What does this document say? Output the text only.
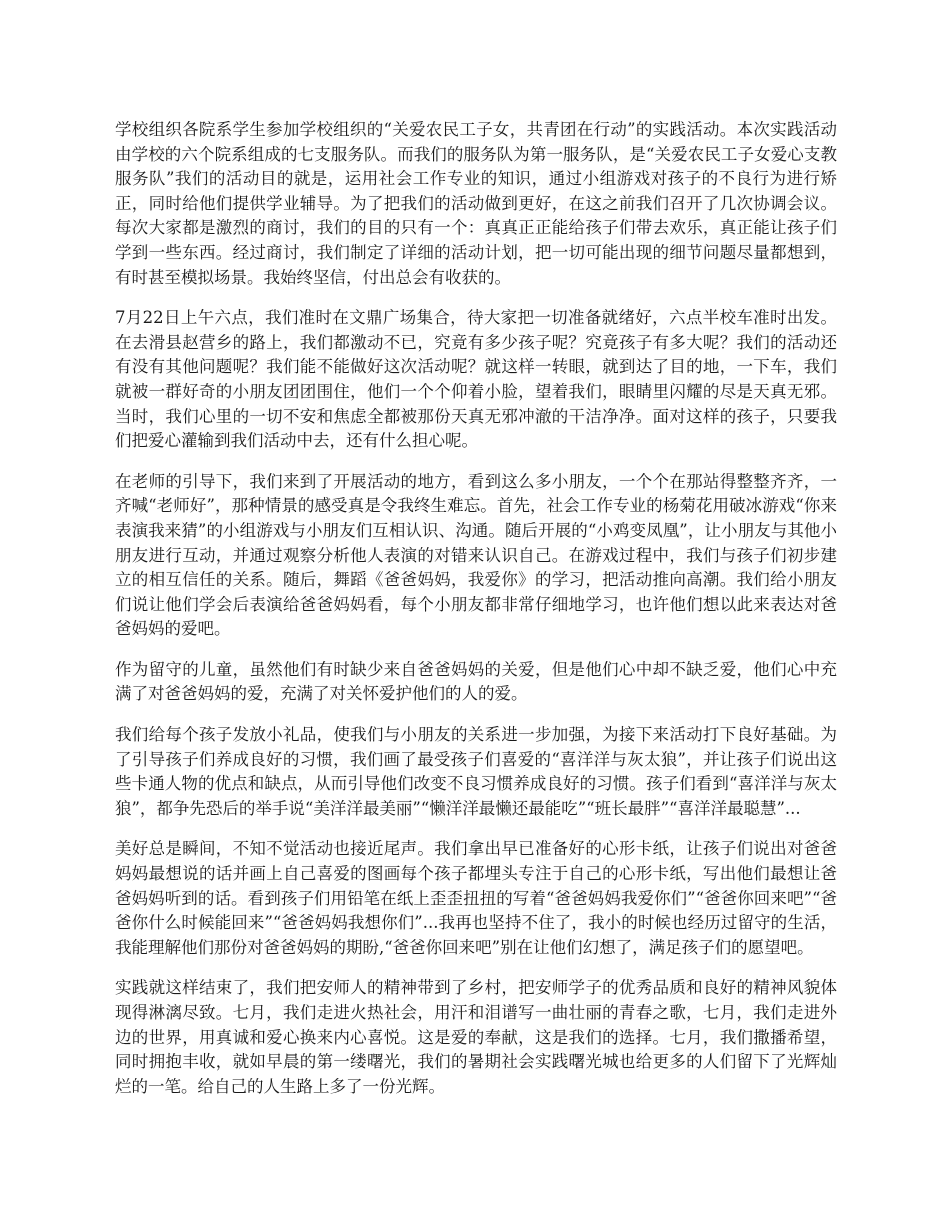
学校组织各院系学生参加学校组织的“关爱农民工子女，共青团在行动”的实践活动。本次实践活动由学校的六个院系组成的七支服务队。而我们的服务队为第一服务队，是“关爱农民工子女爱心支教服务队”我们的活动目的就是，运用社会工作专业的知识，通过小组游戏对孩子的不良行为进行矫正，同时给他们提供学业辅导。为了把我们的活动做到更好，在这之前我们召开了几次协调会议。每次大家都是激烈的商讨，我们的目的只有一个：真真正正能给孩子们带去欢乐，真正能让孩子们学到一些东西。经过商讨，我们制定了详细的活动计划，把一切可能出现的细节问题尽量都想到，有时甚至模拟场景。我始终坚信，付出总会有收获的。

7月22日上午六点，我们准时在文鼎广场集合，待大家把一切准备就绪好，六点半校车准时出发。在去滑县赵营乡的路上，我们都激动不已，究竟有多少孩子呢？究竟孩子有多大呢？我们的活动还有没有其他问题呢？我们能不能做好这次活动呢？就这样一转眼，就到达了目的地，一下车，我们就被一群好奇的小朋友团团围住，他们一个个仰着小脸，望着我们，眼睛里闪耀的尽是天真无邪。当时，我们心里的一切不安和焦虑全都被那份天真无邪冲澈的干洁净净。面对这样的孩子，只要我们把爱心灌输到我们活动中去，还有什么担心呢。

在老师的引导下，我们来到了开展活动的地方，看到这么多小朋友，一个个在那站得整整齐齐，一齐喊“老师好”，那种情景的感受真是令我终生难忘。首先，社会工作专业的杨菊花用破冰游戏“你来表演我来猜”的小组游戏与小朋友们互相认识、沟通。随后开展的“小鸡变凤凰”，让小朋友与其他小朋友进行互动，并通过观察分析他人表演的对错来认识自己。在游戏过程中，我们与孩子们初步建立的相互信任的关系。随后，舞蹈《爸爸妈妈，我爱你》的学习，把活动推向高潮。我们给小朋友们说让他们学会后表演给爸爸妈妈看，每个小朋友都非常仔细地学习，也许他们想以此来表达对爸爸妈妈的爱吧。

作为留守的儿童，虽然他们有时缺少来自爸爸妈妈的关爱，但是他们心中却不缺乏爱，他们心中充满了对爸爸妈妈的爱，充满了对关怀爱护他们的人的爱。

我们给每个孩子发放小礼品，使我们与小朋友的关系进一步加强，为接下来活动打下良好基础。为了引导孩子们养成良好的习惯，我们画了最受孩子们喜爱的“喜洋洋与灰太狼”，并让孩子们说出这些卡通人物的优点和缺点，从而引导他们改变不良习惯养成良好的习惯。孩子们看到“喜洋洋与灰太狼”，都争先恐后的举手说“美洋洋最美丽”“懒洋洋最懒还最能吃”“班长最胖”“喜洋洋最聪慧”...

美好总是瞬间，不知不觉活动也接近尾声。我们拿出早已准备好的心形卡纸，让孩子们说出对爸爸妈妈最想说的话并画上自己喜爱的图画每个孩子都埋头专注于自己的心形卡纸，写出他们最想让爸爸妈妈听到的话。看到孩子们用铅笔在纸上歪歪扭扭的写着“爸爸妈妈我爱你们”“爸爸你回来吧”“爸爸你什么时候能回来”“爸爸妈妈我想你们”...我再也坚持不住了，我小的时候也经历过留守的生活，我能理解他们那份对爸爸妈妈的期盼,“爸爸你回来吧”别在让他们幻想了，满足孩子们的愿望吧。

实践就这样结束了，我们把安师人的精神带到了乡村，把安师学子的优秀品质和良好的精神风貌体现得淋漓尽致。七月，我们走进火热社会，用汗和泪谱写一曲壮丽的青春之歌，七月，我们走进外边的世界，用真诚和爱心换来内心喜悦。这是爱的奉献，这是我们的选择。七月，我们撒播希望，同时拥抱丰收，就如早晨的第一缕曙光，我们的暑期社会实践曙光城也给更多的人们留下了光辉灿烂的一笔。给自己的人生路上多了一份光辉。
